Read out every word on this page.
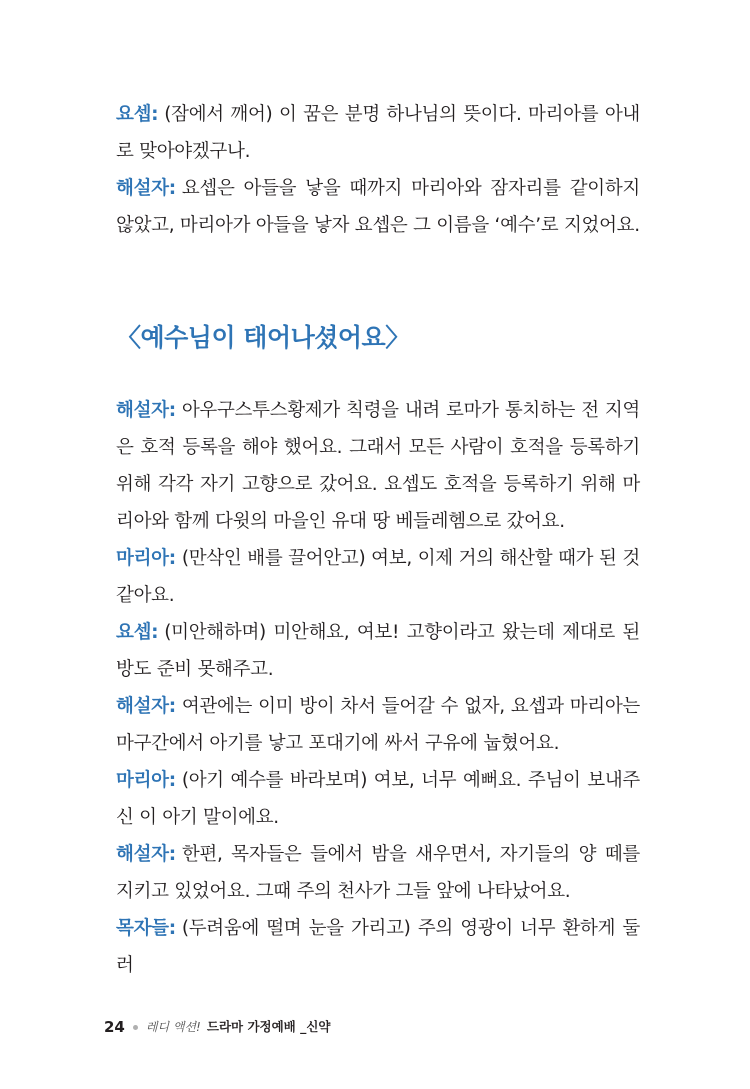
요셉: (잠에서 깨어) 이 꿈은 분명 하나님의 뜻이다. 마리아를 아내로 맞아야겠구나.

해설자: 요셉은 아들을 낳을 때까지 마리아와 잠자리를 같이하지 않았고, 마리아가 아들을 낳자 요셉은 그 이름을 ‘예수’로 지었어요.

〈예수님이 태어나셨어요〉

해설자: 아우구스투스황제가 칙령을 내려 로마가 통치하는 전 지역은 호적 등록을 해야 했어요. 그래서 모든 사람이 호적을 등록하기 위해 각각 자기 고향으로 갔어요. 요셉도 호적을 등록하기 위해 마리아와 함께 다윗의 마을인 유대 땅 베들레헴으로 갔어요.

마리아: (만삭인 배를 끌어안고) 여보, 이제 거의 해산할 때가 된 것 같아요.

요셉: (미안해하며) 미안해요, 여보! 고향이라고 왔는데 제대로 된 방도 준비 못해주고.

해설자: 여관에는 이미 방이 차서 들어갈 수 없자, 요셉과 마리아는 마구간에서 아기를 낳고 포대기에 싸서 구유에 눕혔어요.

마리아: (아기 예수를 바라보며) 여보, 너무 예뻐요. 주님이 보내주신 이 아기 말이에요.

해설자: 한편, 목자들은 들에서 밤을 새우면서, 자기들의 양 떼를 지키고 있었어요. 그때 주의 천사가 그들 앞에 나타났어요.

목자들: (두려움에 떨며 눈을 가리고) 주의 영광이 너무 환하게 둘러

24 레디 액션! 드라마 가정예배 _신약
